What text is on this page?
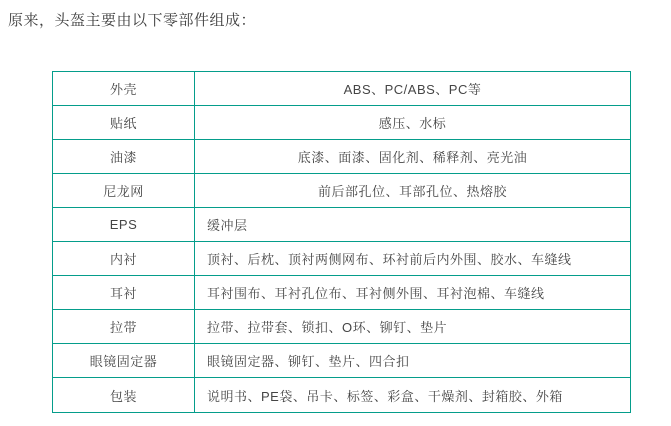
原来，头盔主要由以下零部件组成：
外壳	ABS、PC/ABS、PC等
贴纸	感压、水标
油漆	底漆、面漆、固化剂、稀释剂、亮光油
尼龙网	前后部孔位、耳部孔位、热熔胶
EPS	缓冲层
内衬	顶衬、后枕、顶衬两侧网布、环衬前后内外围、胶水、车缝线
耳衬	耳衬围布、耳衬孔位布、耳衬侧外围、耳衬泡棉、车缝线
拉带	拉带、拉带套、锁扣、O环、铆钉、垫片
眼镜固定器	眼镜固定器、铆钉、垫片、四合扣
包装	说明书、PE袋、吊卡、标签、彩盒、干燥剂、封箱胶、外箱
